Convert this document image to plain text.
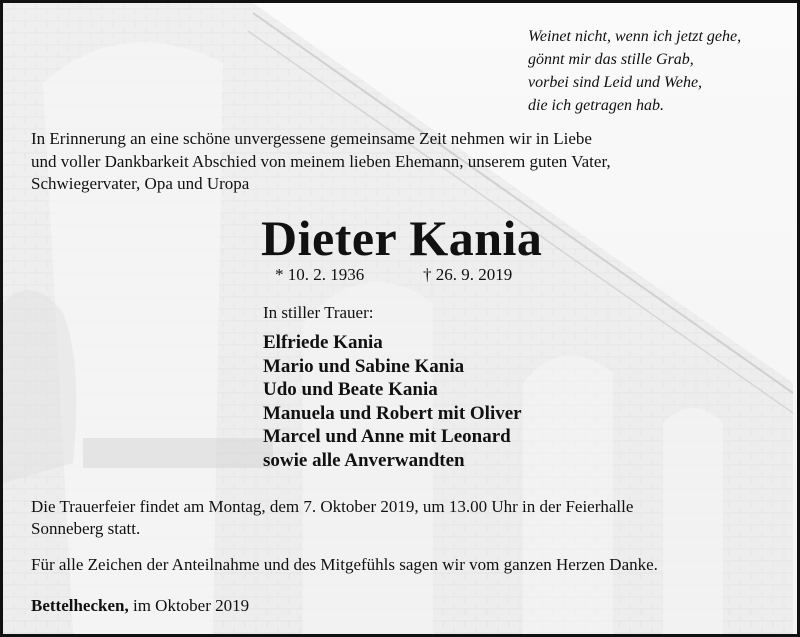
Weinet nicht, wenn ich jetzt gehe,
gönnt mir das stille Grab,
vorbei sind Leid und Wehe,
die ich getragen hab.
In Erinnerung an eine schöne unvergessene gemeinsame Zeit nehmen wir in Liebe
und voller Dankbarkeit Abschied von meinem lieben Ehemann, unserem guten Vater,
Schwiegervater, Opa und Uropa
Dieter Kania
* 10. 2. 1936	† 26. 9. 2019
In stiller Trauer:
Elfriede Kania
Mario und Sabine Kania
Udo und Beate Kania
Manuela und Robert mit Oliver
Marcel und Anne mit Leonard
sowie alle Anverwandten
Die Trauerfeier findet am Montag, dem 7. Oktober 2019, um 13.00 Uhr in der Feierhalle
Sonneberg statt.
Für alle Zeichen der Anteilnahme und des Mitgefühls sagen wir vom ganzen Herzen Danke.
Bettelhecken, im Oktober 2019
